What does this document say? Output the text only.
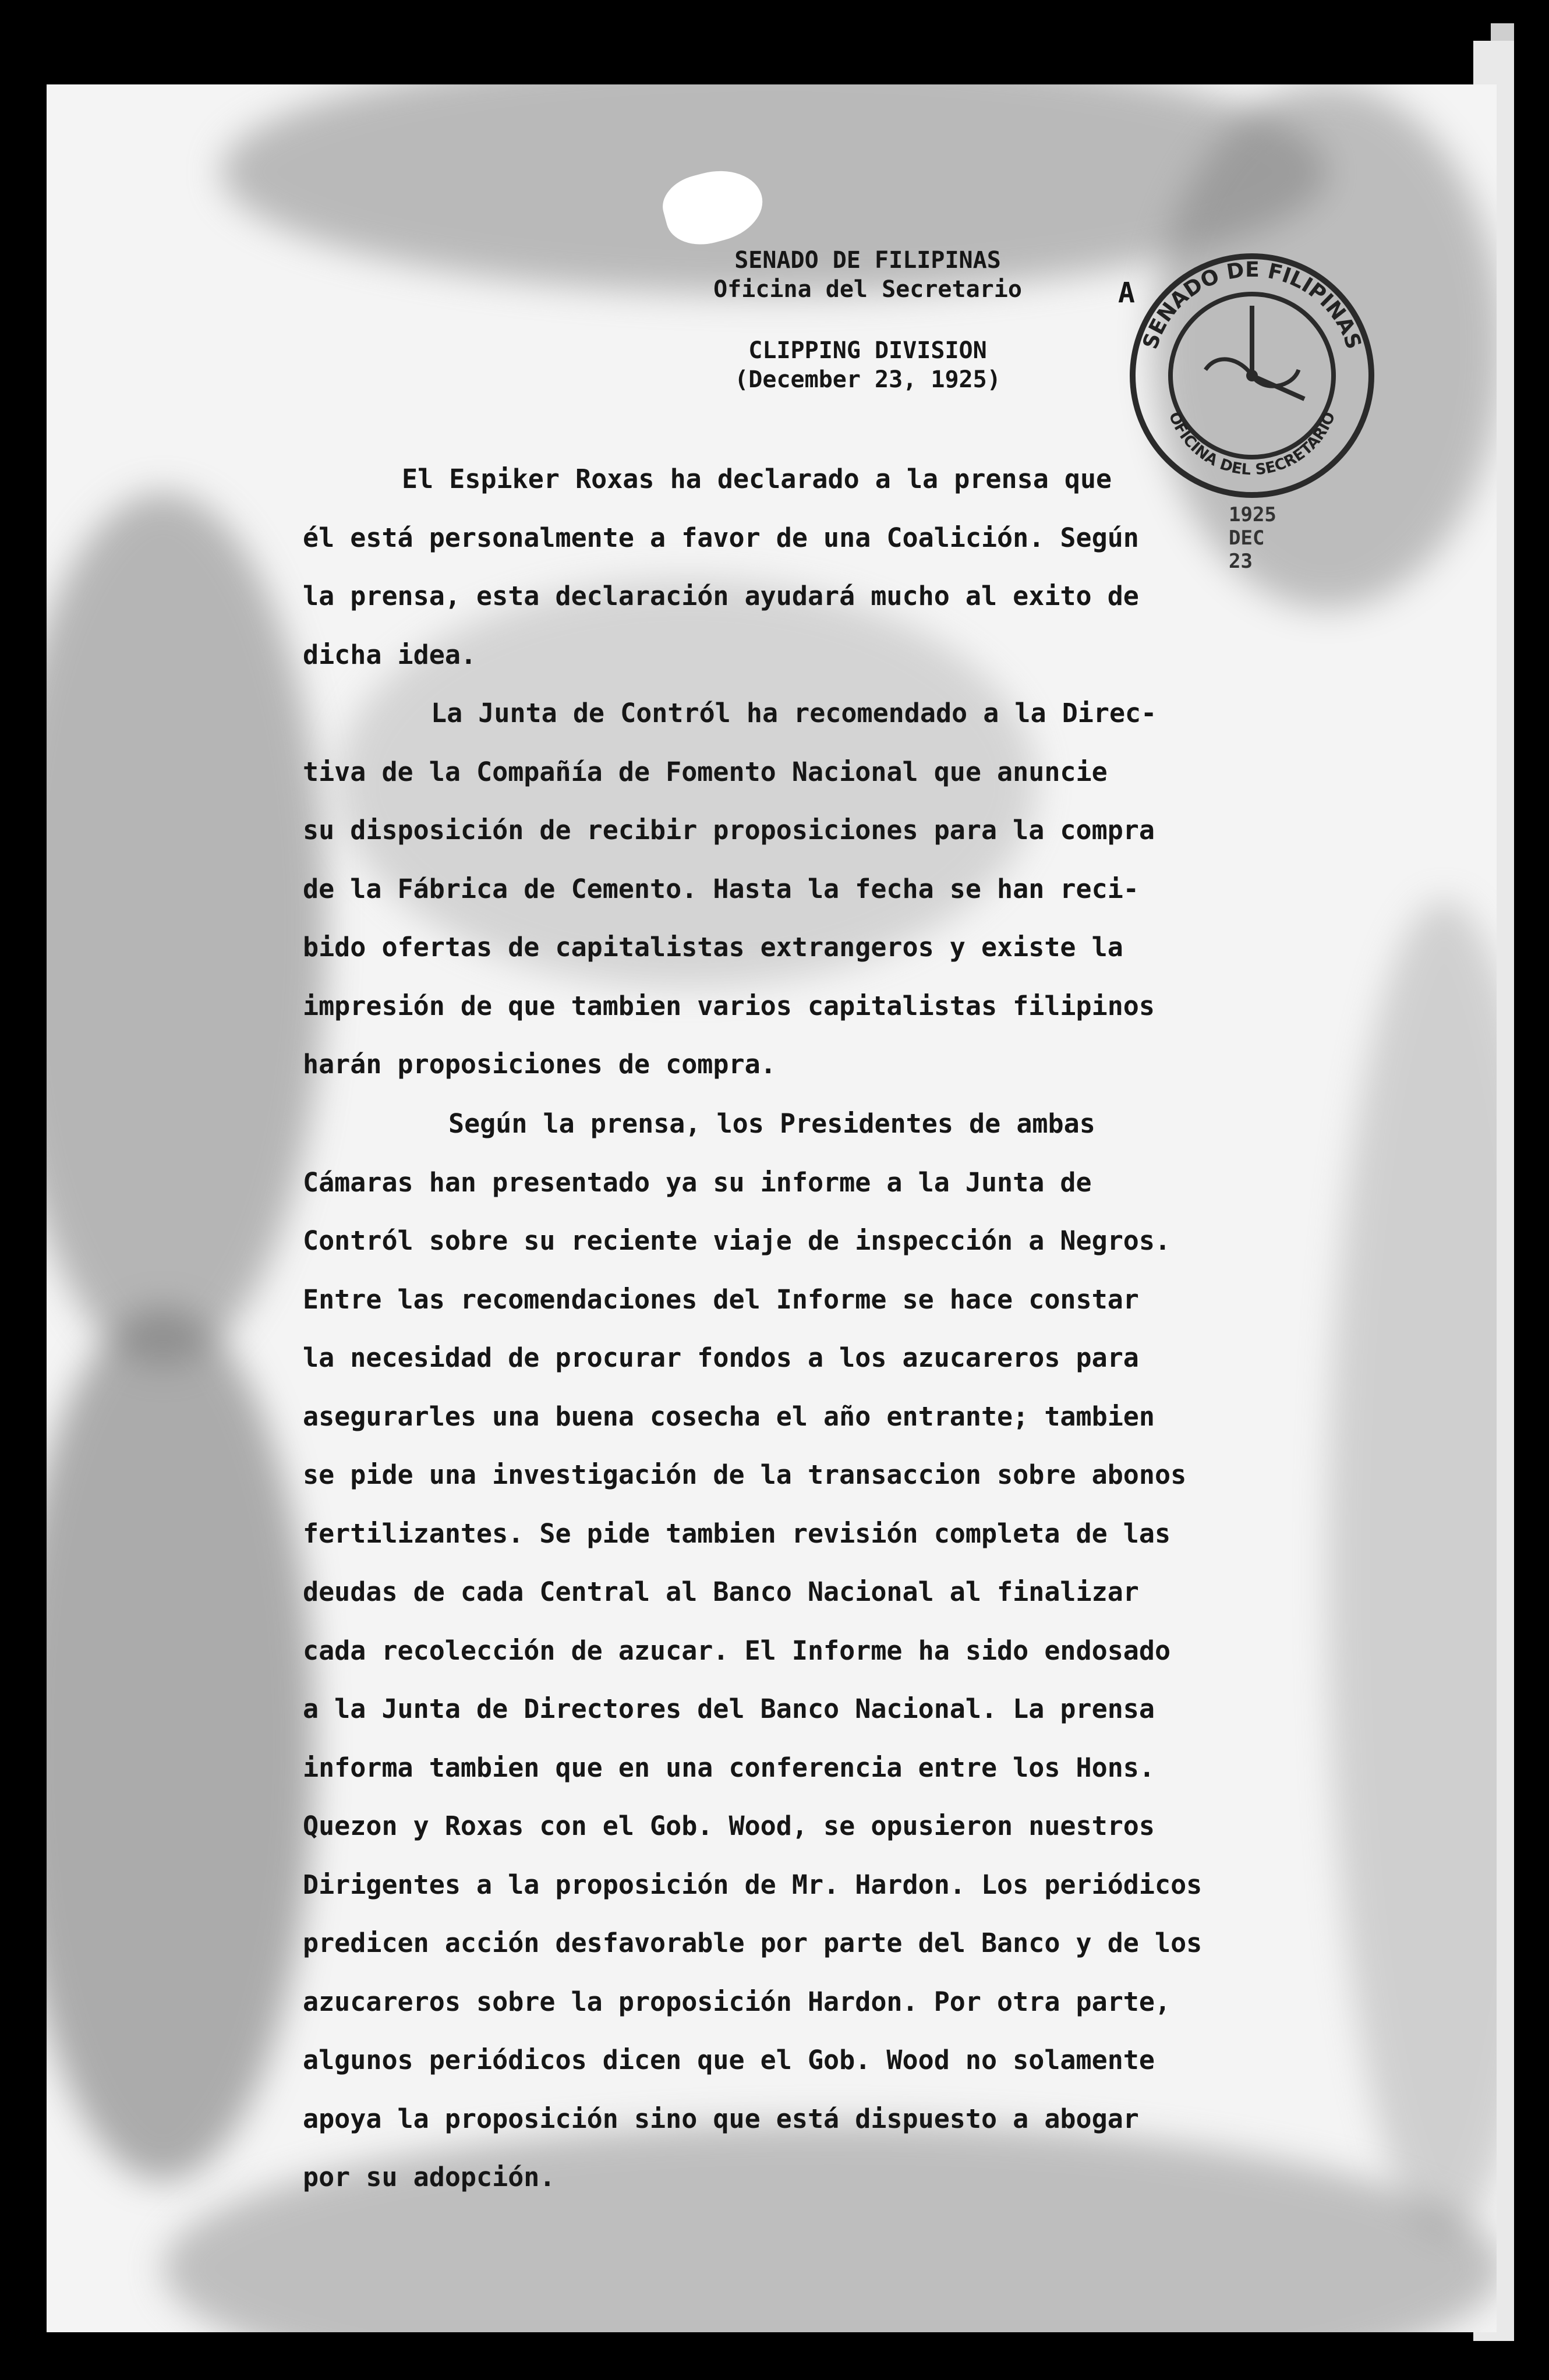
SENADO DE FILIPINAS
Oficina del Secretario
CLIPPING DIVISION
(December 23, 1925)
A
SENADO DE FILIPINAS
OFICINA DEL SECRETARIO
1925
DEC
23
El Espiker Roxas ha declarado a la prensa que
él está personalmente a favor de una Coalición. Según
la prensa, esta declaración ayudará mucho al exito de
dicha idea.
La Junta de Contról ha recomendado a la Direc-
tiva de la Compañía de Fomento Nacional que anuncie
su disposición de recibir proposiciones para la compra
de la Fábrica de Cemento. Hasta la fecha se han reci-
bido ofertas de capitalistas extrangeros y existe la
impresión de que tambien varios capitalistas filipinos
harán proposiciones de compra.
Según la prensa, los Presidentes de ambas
Cámaras han presentado ya su informe a la Junta de
Contról sobre su reciente viaje de inspección a Negros.
Entre las recomendaciones del Informe se hace constar
la necesidad de procurar fondos a los azucareros para
asegurarles una buena cosecha el año entrante; tambien
se pide una investigación de la transaccion sobre abonos
fertilizantes. Se pide tambien revisión completa de las
deudas de cada Central al Banco Nacional al finalizar
cada recolección de azucar. El Informe ha sido endosado
a la Junta de Directores del Banco Nacional. La prensa
informa tambien que en una conferencia entre los Hons.
Quezon y Roxas con el Gob. Wood, se opusieron nuestros
Dirigentes a la proposición de Mr. Hardon. Los periódicos
predicen acción desfavorable por parte del Banco y de los
azucareros sobre la proposición Hardon. Por otra parte,
algunos periódicos dicen que el Gob. Wood no solamente
apoya la proposición sino que está dispuesto a abogar
por su adopción.
